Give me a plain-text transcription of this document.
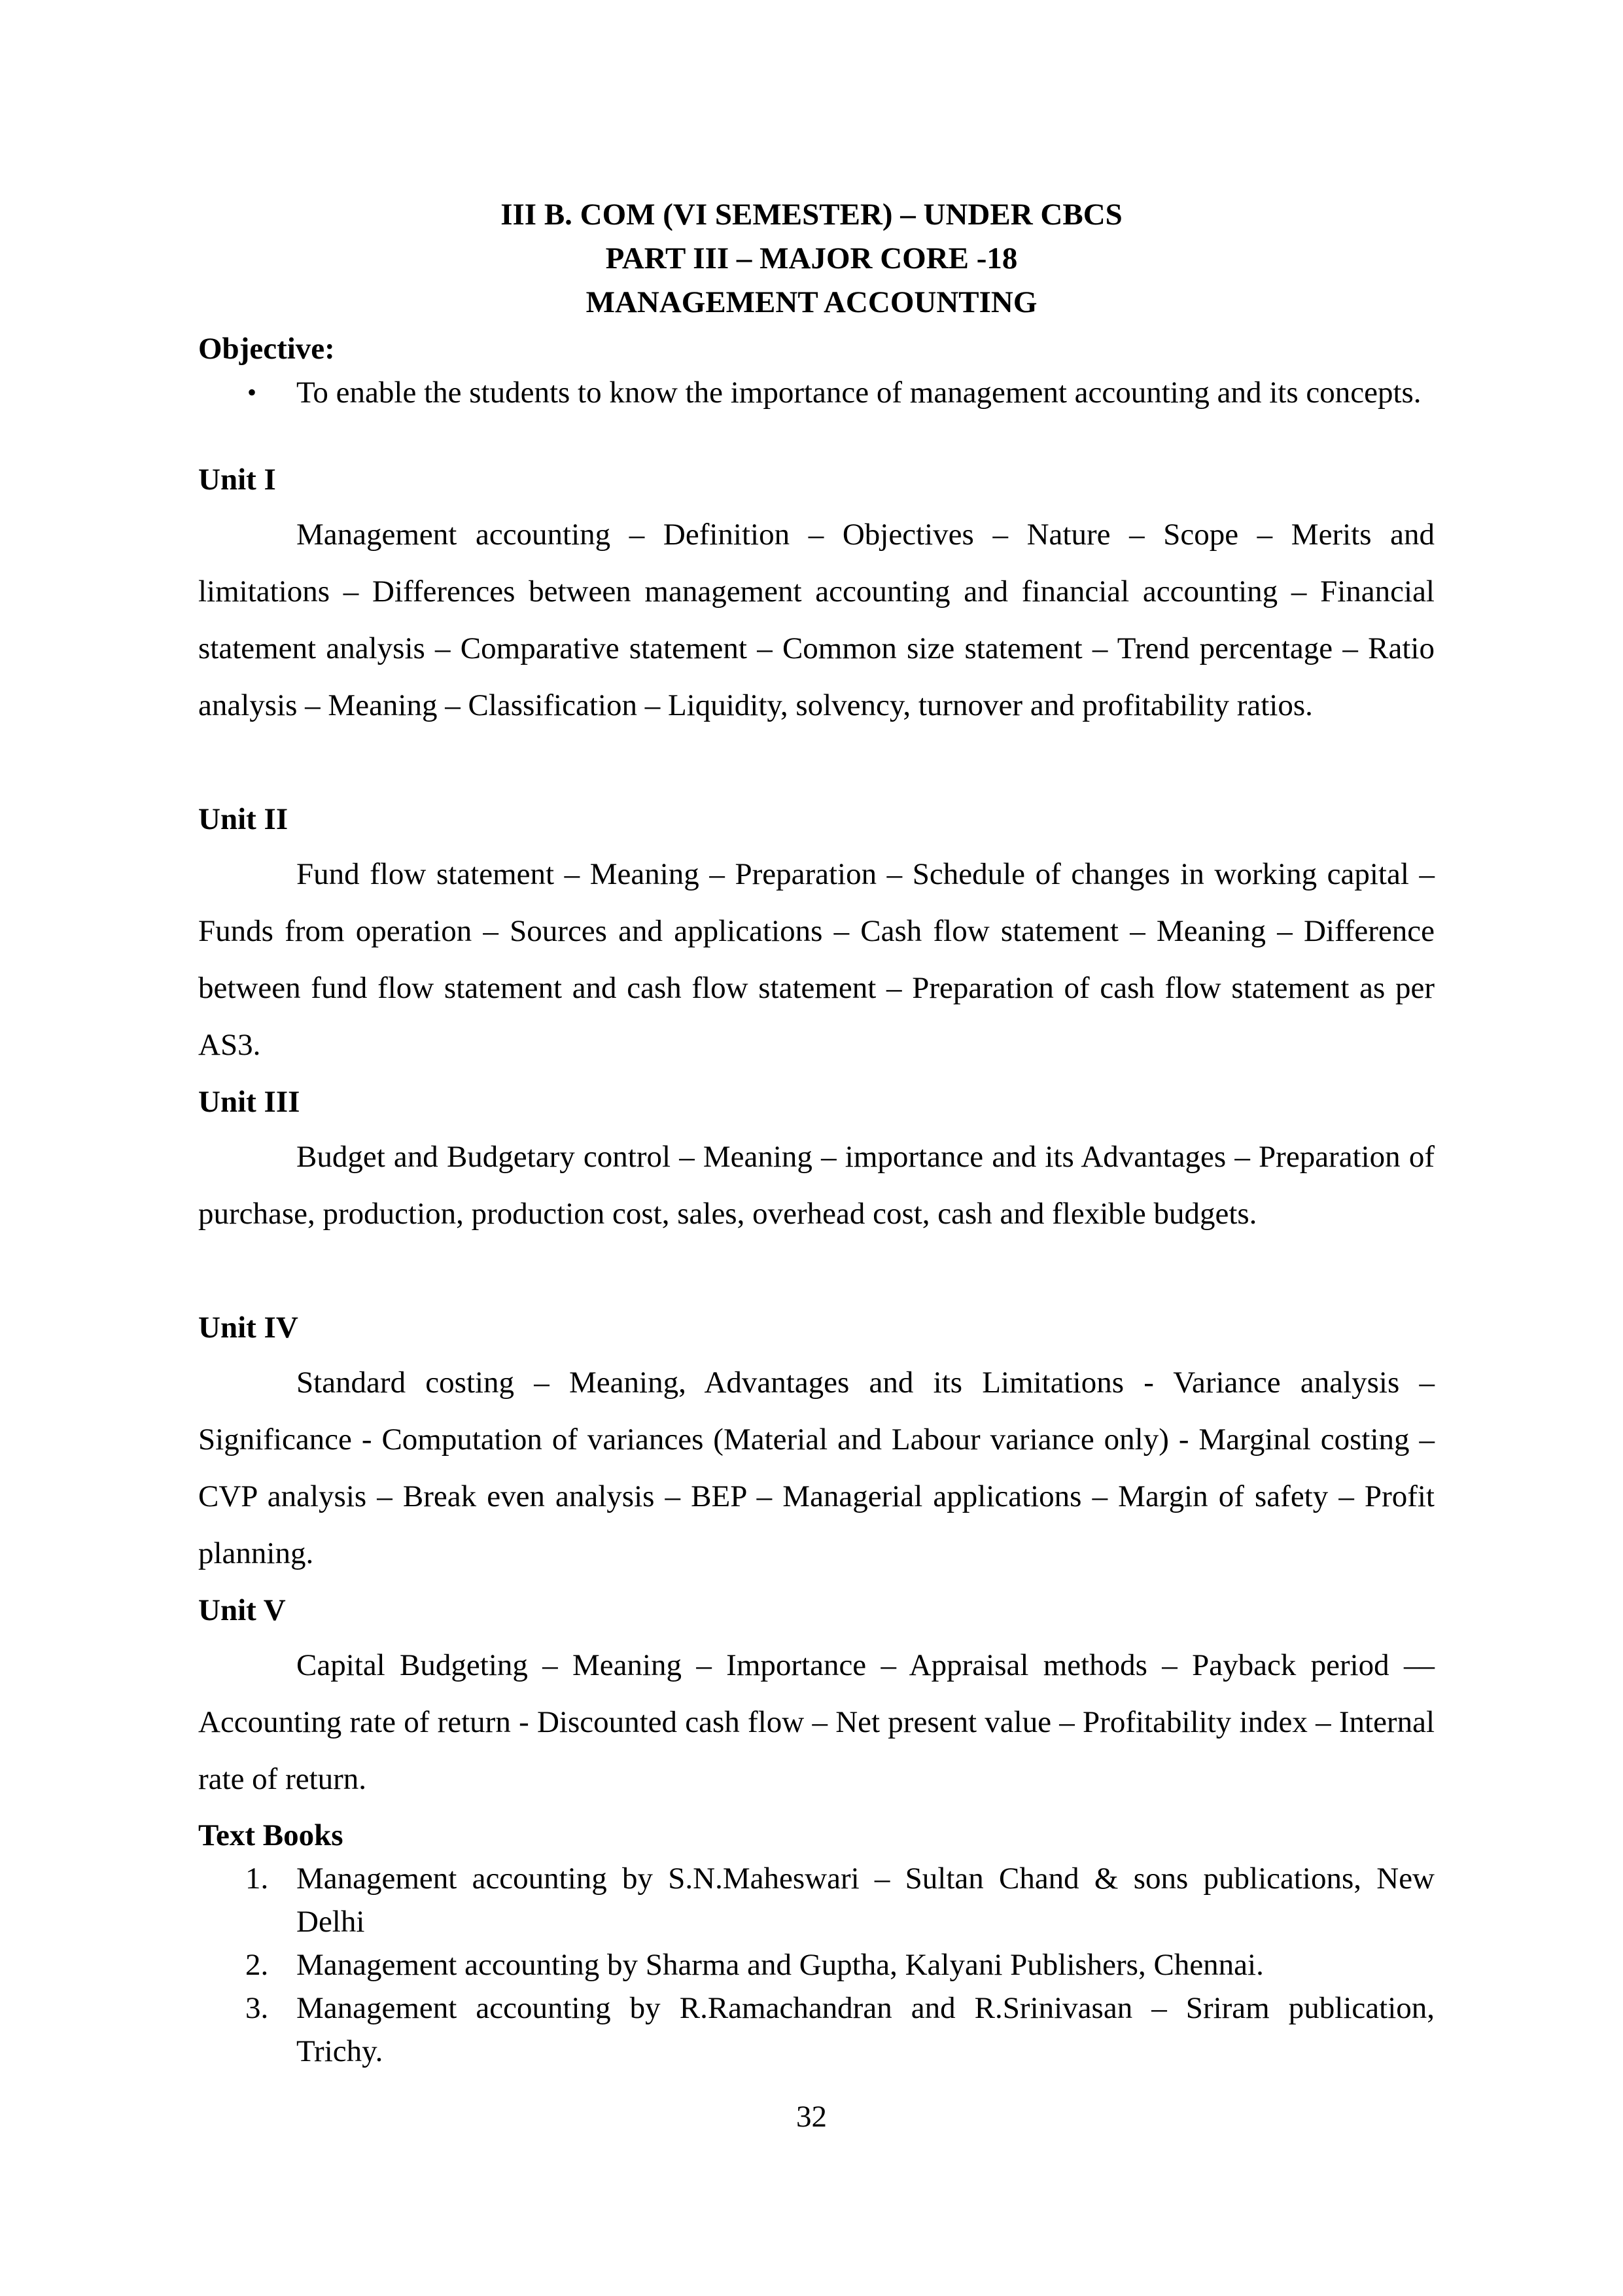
III B. COM (VI SEMESTER) – UNDER CBCS
PART III – MAJOR CORE -18
MANAGEMENT ACCOUNTING
Objective:
• To enable the students to know the importance of management accounting and its concepts.
Unit I
Management accounting – Definition – Objectives – Nature – Scope – Merits and limitations – Differences between management accounting and financial accounting – Financial statement analysis – Comparative statement – Common size statement – Trend percentage – Ratio analysis – Meaning – Classification – Liquidity, solvency, turnover and profitability ratios.
Unit II
Fund flow statement – Meaning – Preparation – Schedule of changes in working capital – Funds from operation – Sources and applications – Cash flow statement – Meaning – Difference between fund flow statement and cash flow statement – Preparation of cash flow statement as per AS3.
Unit III
Budget and Budgetary control – Meaning – importance and its Advantages – Preparation of purchase, production, production cost, sales, overhead cost, cash and flexible budgets.
Unit IV
Standard costing – Meaning, Advantages and its Limitations - Variance analysis – Significance - Computation of variances (Material and Labour variance only) - Marginal costing – CVP analysis – Break even analysis – BEP – Managerial applications – Margin of safety – Profit planning.
Unit V
Capital Budgeting – Meaning – Importance – Appraisal methods – Payback period –– Accounting rate of return - Discounted cash flow – Net present value – Profitability index – Internal rate of return.
Text Books
1. Management accounting by S.N.Maheswari – Sultan Chand & sons publications, New Delhi
2. Management accounting by Sharma and Guptha, Kalyani Publishers, Chennai.
3. Management accounting by R.Ramachandran and R.Srinivasan – Sriram publication, Trichy.
32
